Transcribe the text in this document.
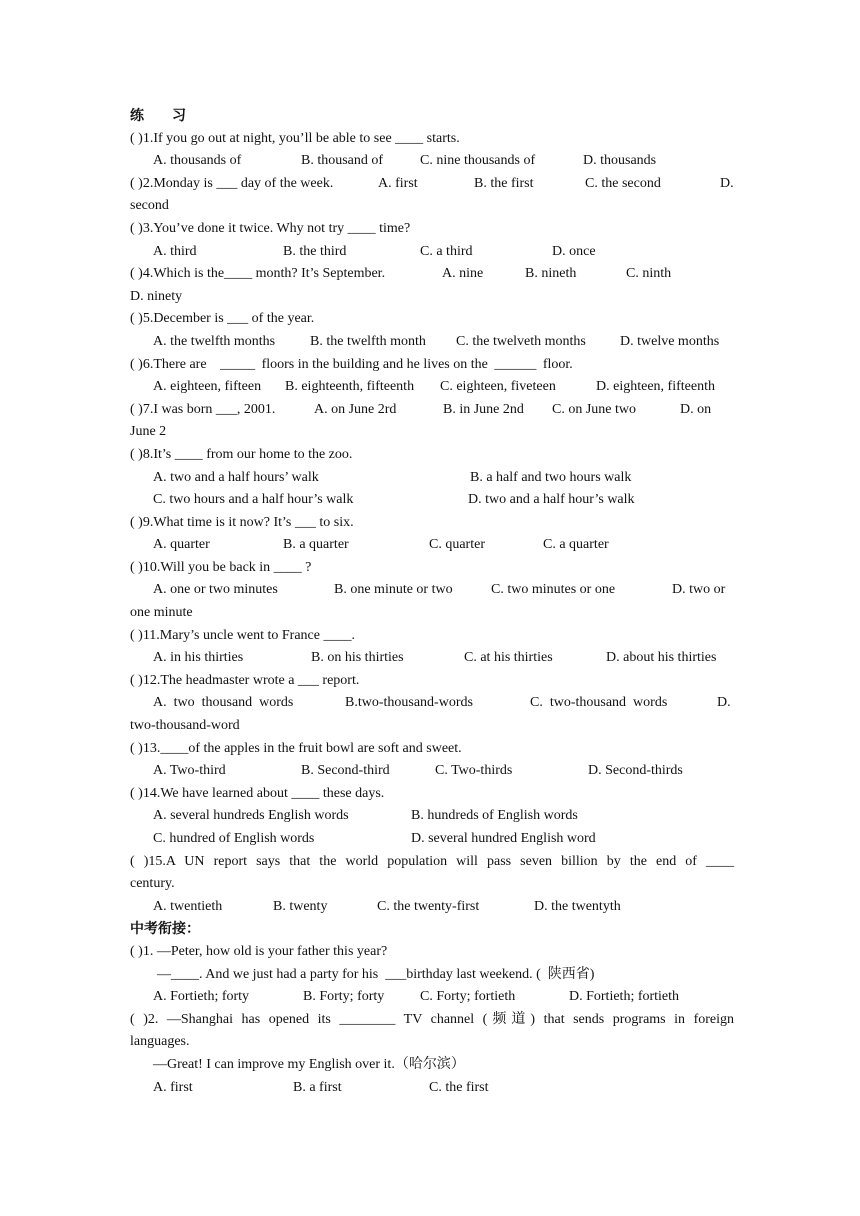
练　　习
( )1.If you go out at night, you’ll be able to see ____ starts.
A. thousands of	B. thousand of	C. nine thousands of	D. thousands
( )2.Monday is ___ day of the week.	A. first	B. the first	C. the second	D.
second
( )3.You’ve done it twice. Why not try ____ time?
A. third	B. the third	C. a third	D. once
( )4.Which is the____ month? It’s September.	A. nine	B. nineth	C. ninth
D. ninety
( )5.December is ___ of the year.
A. the twelfth months B. the twelfth month C. the twelveth months D. twelve months
( )6.There are _____ floors in the building and he lives on the ______ floor.
A. eighteen, fifteen B. eighteenth, fifteenth C. eighteen, fiveteen	D. eighteen, fifteenth
( )7.I was born ___, 2001.	A. on June 2rd	B. in June 2nd C. on June two	D. on
June 2
( )8.It’s ____ from our home to the zoo.
A. two and a half hours’ walk	B. a half and two hours walk
C. two hours and a half hour’s walk	D. two and a half hour’s walk
( )9.What time is it now? It’s ___ to six.
A. quarter	B. a quarter	C. quarter	C. a quarter
( )10.Will you be back in ____ ?
A. one or two minutes	B. one minute or two	C. two minutes or one	D. two or
one minute
( )11.Mary’s uncle went to France ____.
A. in his thirties	B. on his thirties	C. at his thirties	D. about his thirties
( )12.The headmaster wrote a ___ report.
A.  two  thousand  words	B.two-thousand-words	C.  two-thousand  words	D.
two-thousand-word
( )13.____of the apples in the fruit bowl are soft and sweet.
A. Two-third	B. Second-third	C. Two-thirds	D. Second-thirds
( )14.We have learned about ____ these days.
A. several hundreds English words	B. hundreds of English words
C. hundred of English words	D. several hundred English word
( )15.A UN report says that the world population will pass seven billion by the end of ____
century.
A. twentieth	B. twenty	C. the twenty-first	D. the twentyth
中考衔接：
( )1. —Peter, how old is your father this year?
—____. And we just had a party for his  ___birthday last weekend. (  陕西省)
A. Fortieth; forty	B. Forty; forty	C. Forty; fortieth	D. Fortieth; fortieth
( )2. —Shanghai has opened its ________ TV channel (频道) that sends programs in foreign
languages.
—Great! I can improve my English over it.（哈尔滨）
A. first	B. a first	C. the first
